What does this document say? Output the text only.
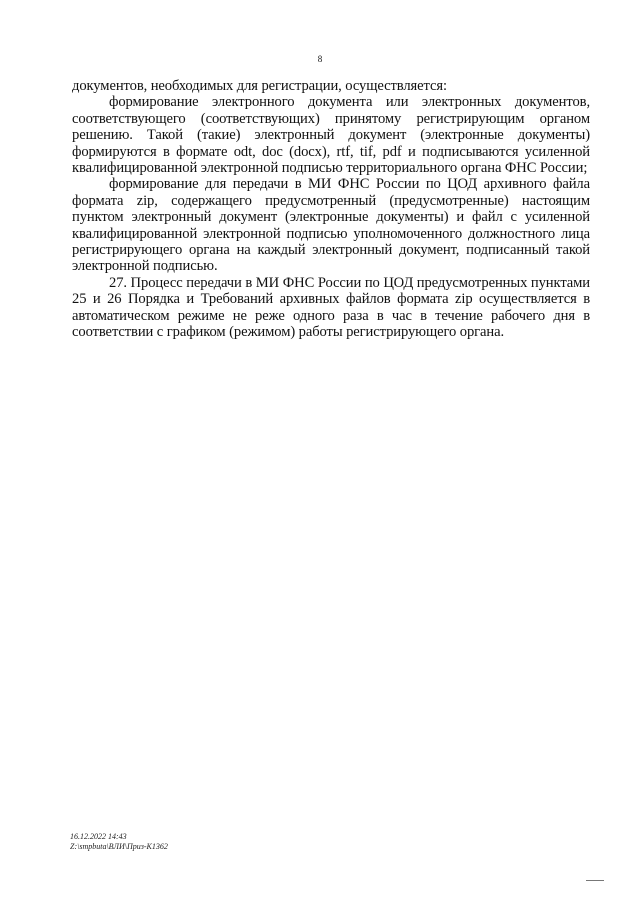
8

документов, необходимых для регистрации, осуществляется:

формирование электронного документа или электронных документов, соответствующего (соответствующих) принятому регистрирующим органом решению. Такой (такие) электронный документ (электронные документы) формируются в формате odt, doc (docx), rtf, tif, pdf и подписываются усиленной квалифицированной электронной подписью территориального органа ФНС России;

формирование для передачи в МИ ФНС России по ЦОД архивного файла формата zip, содержащего предусмотренный (предусмотренные) настоящим пунктом электронный документ (электронные документы) и файл с усиленной квалифицированной электронной подписью уполномоченного должностного лица регистрирующего органа на каждый электронный документ, подписанный такой электронной подписью.

27. Процесс передачи в МИ ФНС России по ЦОД предусмотренных пунктами 25 и 26 Порядка и Требований архивных файлов формата zip осуществляется в автоматическом режиме не реже одного раза в час в течение рабочего дня в соответствии с графиком (режимом) работы регистрирующего органа.

16.12.2022 14:43
Z:\smpbuta\ВЛИ\Приз-К1362
